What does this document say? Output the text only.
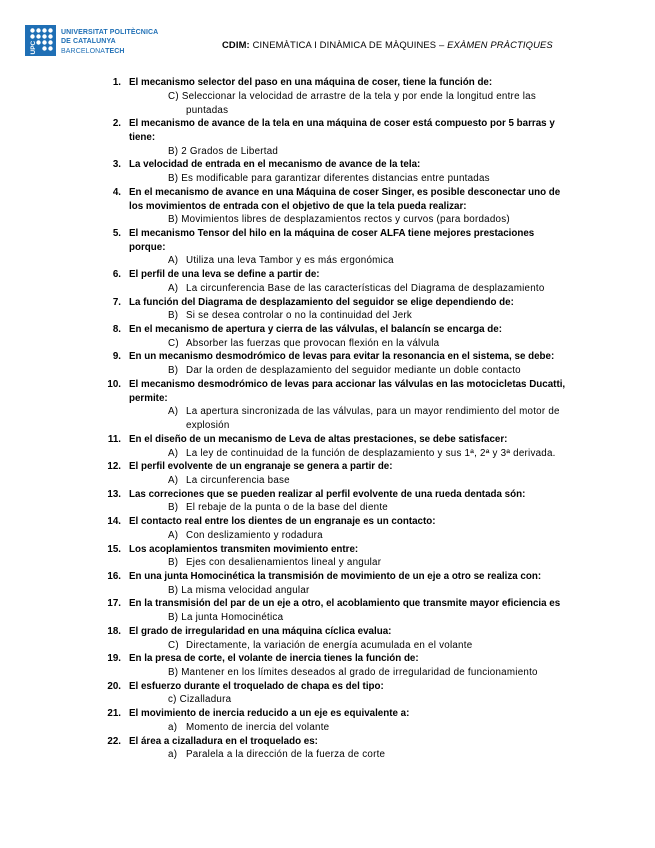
UPC
UNIVERSITAT POLITÈCNICA
DE CATALUNYA
BARCELONATECH
CDIM: CINEMÀTICA I DINÀMICA DE MÀQUINES – EXÀMEN PRÀCTIQUES
1. El mecanismo selector del paso en una máquina de coser, tiene la función de:
C) Seleccionar la velocidad de arrastre de la tela y por ende la longitud entre las
puntadas
2. El mecanismo de avance de la tela en una máquina de coser está compuesto por 5 barras y
tiene:
B) 2 Grados de Libertad
3. La velocidad de entrada en el mecanismo de avance de la tela:
B) Es modificable para garantizar diferentes distancias entre puntadas
4. En el mecanismo de avance en una Máquina de coser Singer, es posible desconectar uno de
los movimientos de entrada con el objetivo de que la tela pueda realizar:
B) Movimientos libres de desplazamientos rectos y curvos (para bordados)
5. El mecanismo Tensor del hilo en la máquina de coser ALFA tiene mejores prestaciones
porque:
A) Utiliza una leva Tambor y es más ergonómica
6. El perfil de una leva se define a partir de:
A) La circunferencia Base de las características del Diagrama de desplazamiento
7. La función del Diagrama de desplazamiento del seguidor se elige dependiendo de:
B) Si se desea controlar o no la continuidad del Jerk
8. En el mecanismo de apertura y cierra de las válvulas, el balancín se encarga de:
C) Absorber las fuerzas que provocan flexión en la válvula
9. En un mecanismo desmodrómico de levas para evitar la resonancia en el sistema, se debe:
B) Dar la orden de desplazamiento del seguidor mediante un doble contacto
10. El mecanismo desmodrómico de levas para accionar las válvulas en las motocicletas Ducatti,
permite:
A) La apertura sincronizada de las válvulas, para un mayor rendimiento del motor de
explosión
11. En el diseño de un mecanismo de Leva de altas prestaciones, se debe satisfacer:
A) La ley de continuidad de la función de desplazamiento y sus 1ª, 2ª y 3ª derivada.
12. El perfil evolvente de un engranaje se genera a partir de:
A) La circunferencia base
13. Las correciones que se pueden realizar al perfil evolvente de una rueda dentada són:
B) El rebaje de la punta o de la base del diente
14. El contacto real entre los dientes de un engranaje es un contacto:
A) Con deslizamiento y rodadura
15. Los acoplamientos transmiten movimiento entre:
B) Ejes con desalienamientos lineal y angular
16. En una junta Homocinética la transmisión de movimiento de un eje a otro se realiza con:
B) La misma velocidad angular
17. En la transmisión del par de un eje a otro, el acoblamiento que transmite mayor eficiencia es
B) La junta Homocinética
18. El grado de irregularidad en una máquina cíclica evalua:
C) Directamente, la variación de energía acumulada en el volante
19. En la presa de corte, el volante de inercia tienes la función de:
B) Mantener en los límites deseados al grado de irregularidad de funcionamiento
20. El esfuerzo durante el troquelado de chapa es del tipo:
c) Cizalladura
21. El movimiento de inercia reducido a un eje es equivalente a:
a) Momento de inercia del volante
22. El área a cizalladura en el troquelado es:
a) Paralela a la dirección de la fuerza de corte
